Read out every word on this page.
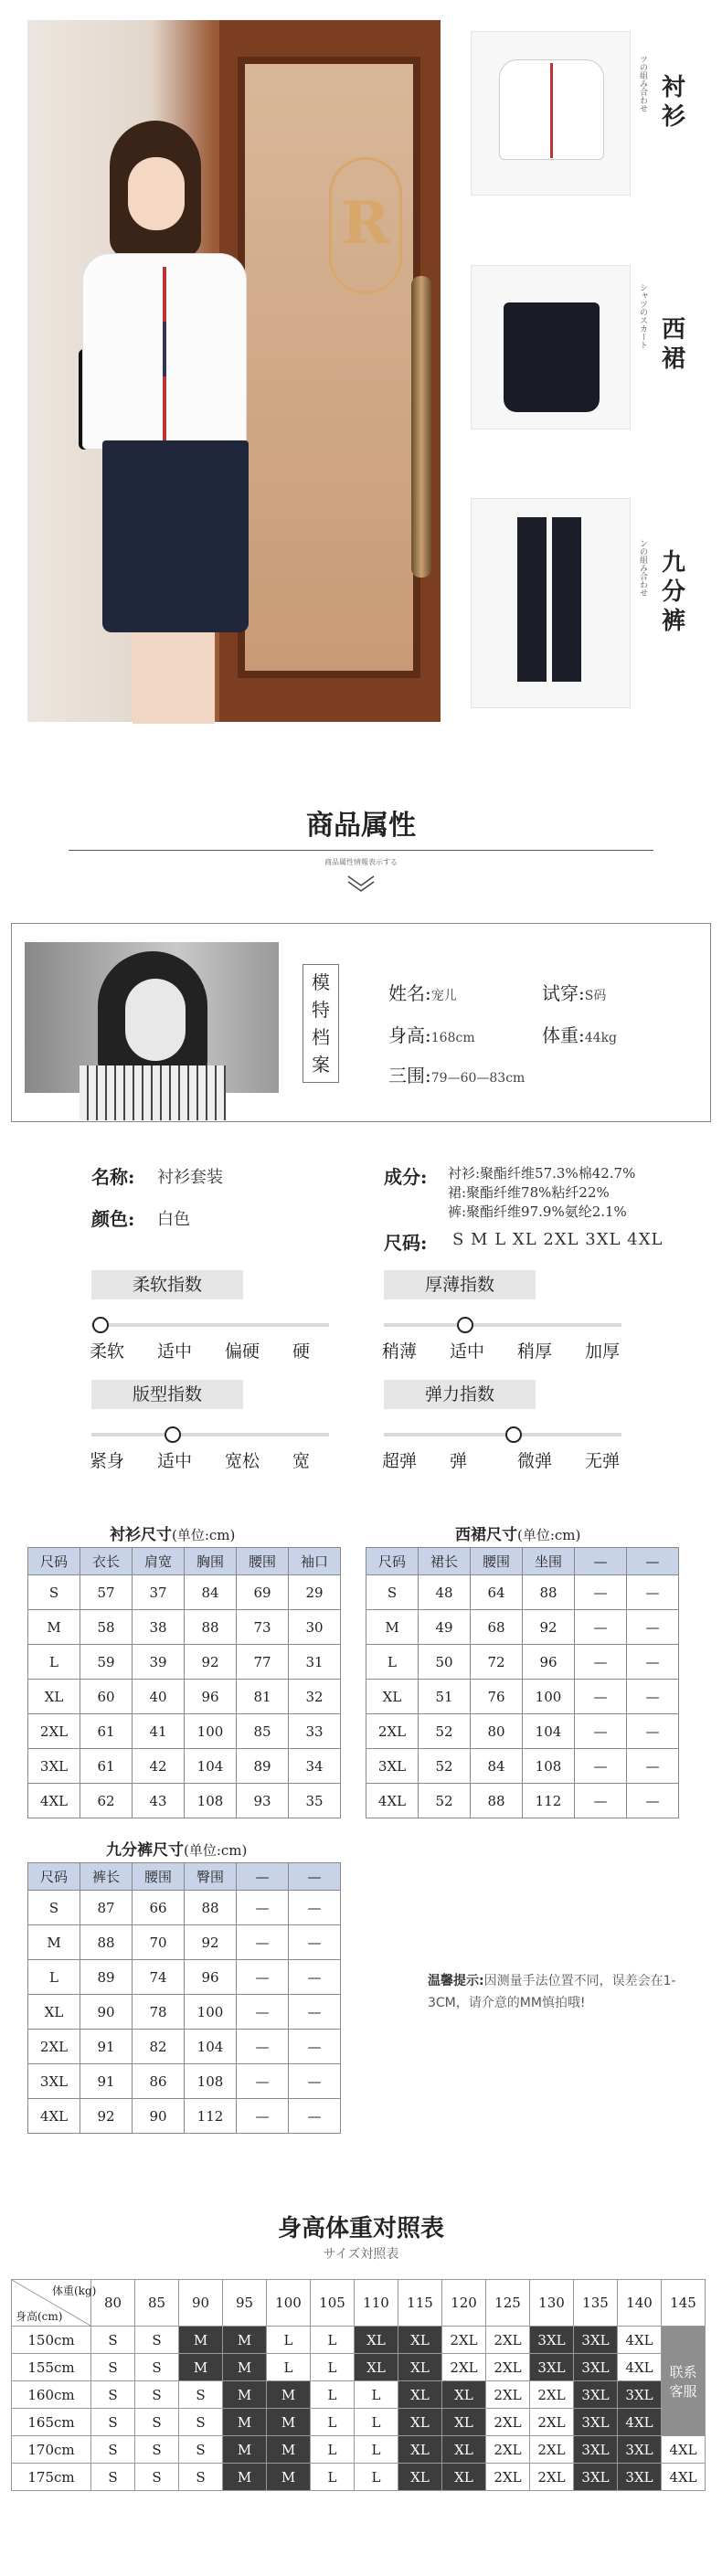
R
ツの組み合わせ 衬衫
シャツのスカート 西裙
ンの組み合わせ 九分裤
商品属性
商品属性情報表示する
模特档案
姓名:宠儿	试穿:S码
身高:168cm	体重:44kg
三围:79—60—83cm
名称: 衬衫套装
颜色: 白色
成分: 衬衫:聚酯纤维57.3%棉42.7%
裙:聚酯纤维78%粘纤22%
裤:聚酯纤维97.9%氨纶2.1%
尺码: S M L XL 2XL 3XL 4XL
柔软指数
柔软 适中 偏硬 硬
厚薄指数
稍薄 适中 稍厚 加厚
版型指数
紧身 适中 宽松 宽
弹力指数
超弹 弹	微弹 无弹
衬衫尺寸(单位:cm)
尺码	衣长	肩宽	胸围	腰围	袖口
S	57	37	84	69	29
M	58	38	88	73	30
L	59	39	92	77	31
XL	60	40	96	81	32
2XL	61	41	100	85	33
3XL	61	42	104	89	34
4XL	62	43	108	93	35
西裙尺寸(单位:cm)
尺码	裙长	腰围	坐围	—	—
S	48	64	88	—	—
M	49	68	92	—	—
L	50	72	96	—	—
XL	51	76	100	—	—
2XL	52	80	104	—	—
3XL	52	84	108	—	—
4XL	52	88	112	—	—
九分裤尺寸(单位:cm)
尺码	裤长	腰围	臀围	—	—
S	87	66	88	—	—
M	88	70	92	—	—
L	89	74	96	—	—
XL	90	78	100	—	—
2XL	91	82	104	—	—
3XL	91	86	108	—	—
4XL	92	90	112	—	—
温馨提示:因测量手法位置不同，误差会在1-3CM，请介意的MM慎拍哦!
身高体重对照表
サイズ対照表
体重(kg)
身高(cm)	80	85	90	95	100	105	110	115	120	125	130	135	140	145
150cm	S	S	M	M	L	L	XL	XL	2XL	2XL	3XL	3XL	4XL	联系客服
155cm	S	S	M	M	L	L	XL	XL	2XL	2XL	3XL	3XL	4XL	
160cm	S	S	S	M	M	L	L	XL	XL	2XL	2XL	3XL	3XL	
165cm	S	S	S	M	M	L	L	XL	XL	2XL	2XL	3XL	4XL	
170cm	S	S	S	M	M	L	L	XL	XL	2XL	2XL	3XL	3XL	4XL
175cm	S	S	S	M	M	L	L	XL	XL	2XL	2XL	3XL	3XL	4XL
